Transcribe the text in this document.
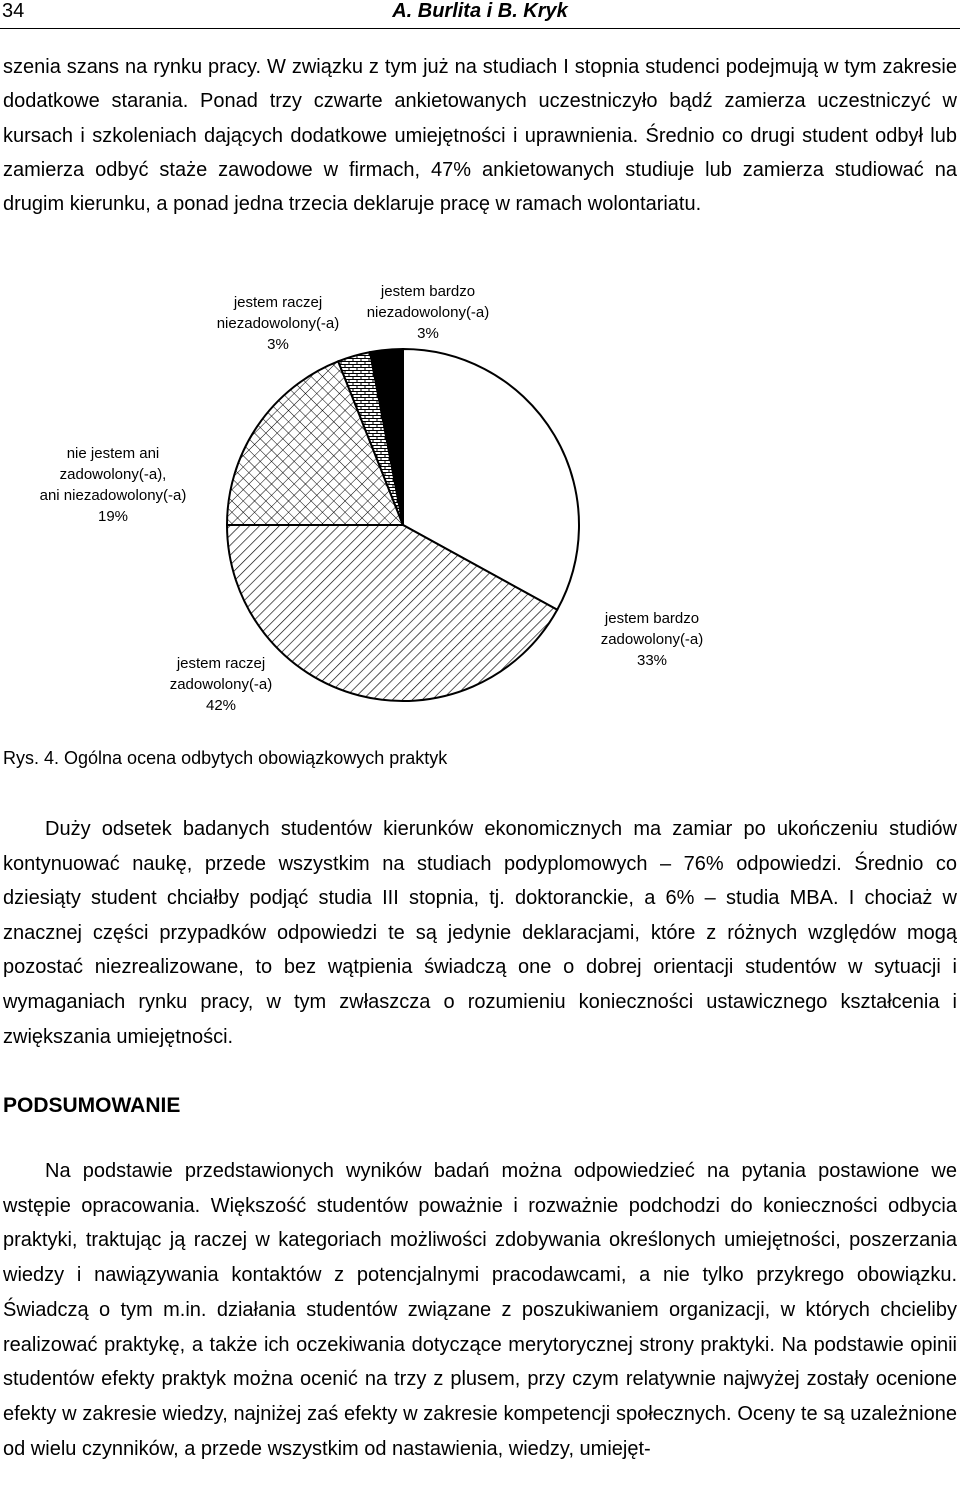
34	A. Burlita i B. Kryk

szenia szans na rynku pracy. W związku z tym już na studiach I stopnia studenci podejmują w tym zakresie dodatkowe starania. Ponad trzy czwarte ankietowanych uczestniczyło bądź zamierza uczestniczyć w kursach i szkoleniach dających dodatkowe umiejętności i uprawnienia. Średnio co drugi student odbył lub zamierza odbyć staże zawodowe w firmach, 47% ankietowanych studiuje lub zamierza studiować na drugim kierunku, a ponad jedna trzecia deklaruje pracę w ramach wolontariatu.

jestem bardzo zadowolony(-a) 33%
jestem raczej zadowolony(-a) 42%
nie jestem ani zadowolony(-a), ani niezadowolony(-a) 19%
jestem raczej niezadowolony(-a) 3%
jestem bardzo niezadowolony(-a) 3%

Rys. 4. Ogólna ocena odbytych obowiązkowych praktyk

Duży odsetek badanych studentów kierunków ekonomicznych ma zamiar po ukończeniu studiów kontynuować naukę, przede wszystkim na studiach podyplomowych – 76% odpowiedzi. Średnio co dziesiąty student chciałby podjąć studia III stopnia, tj. doktoranckie, a 6% – studia MBA. I chociaż w znacznej części przypadków odpowiedzi te są jedynie deklaracjami, które z różnych względów mogą pozostać niezrealizowane, to bez wątpienia świadczą one o dobrej orientacji studentów w sytuacji i wymaganiach rynku pracy, w tym zwłaszcza o rozumieniu konieczności ustawicznego kształcenia i zwiększania umiejętności.

PODSUMOWANIE

Na podstawie przedstawionych wyników badań można odpowiedzieć na pytania postawione we wstępie opracowania. Większość studentów poważnie i rozważnie podchodzi do konieczności odbycia praktyki, traktując ją raczej w kategoriach możliwości zdobywania określonych umiejętności, poszerzania wiedzy i nawiązywania kontaktów z potencjalnymi pracodawcami, a nie tylko przykrego obowiązku. Świadczą o tym m.in. działania studentów związane z poszukiwaniem organizacji, w których chcieliby realizować praktykę, a także ich oczekiwania dotyczące merytorycznej strony praktyki. Na podstawie opinii studentów efekty praktyk można ocenić na trzy z plusem, przy czym relatywnie najwyżej zostały ocenione efekty w zakresie wiedzy, najniżej zaś efekty w zakresie kompetencji społecznych. Oceny te są uzależnione od wielu czynników, a przede wszystkim od nastawienia, wiedzy, umiejęt-
